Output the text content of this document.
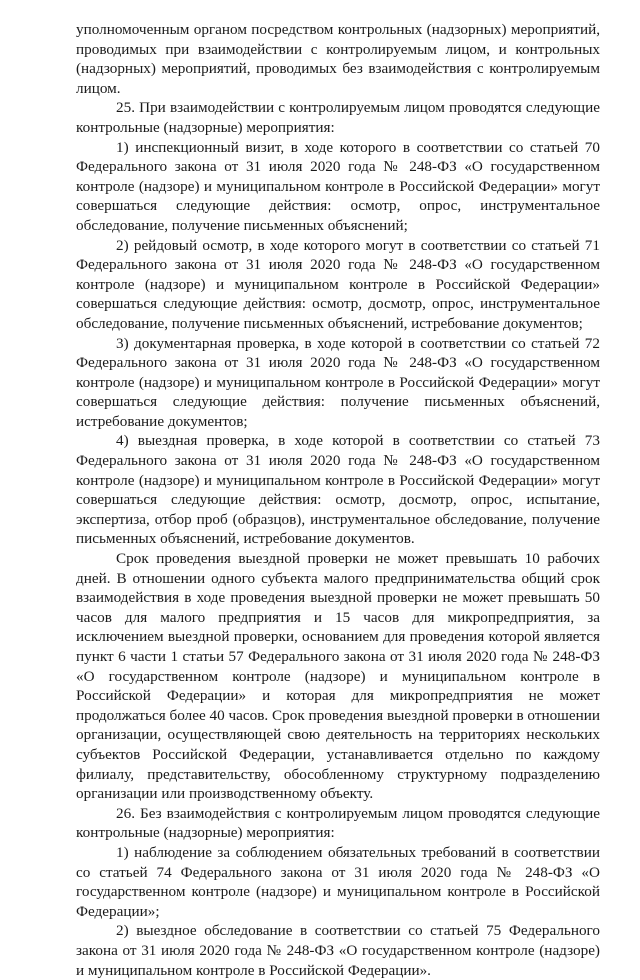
уполномоченным органом посредством контрольных (надзорных) мероприятий, проводимых при взаимодействии с контролируемым лицом, и контрольных (надзорных) мероприятий, проводимых без взаимодействия с контролируемым лицом.

25. При взаимодействии с контролируемым лицом проводятся следующие контрольные (надзорные) мероприятия:

1) инспекционный визит, в ходе которого в соответствии со статьей 70 Федерального закона от 31 июля 2020 года № 248-ФЗ «О государственном контроле (надзоре) и муниципальном контроле в Российской Федерации» могут совершаться следующие действия: осмотр, опрос, инструментальное обследование, получение письменных объяснений;

2) рейдовый осмотр, в ходе которого могут в соответствии со статьей 71 Федерального закона от 31 июля 2020 года № 248-ФЗ «О государственном контроле (надзоре) и муниципальном контроле в Российской Федерации» совершаться следующие действия: осмотр, досмотр, опрос, инструментальное обследование, получение письменных объяснений, истребование документов;

3) документарная проверка, в ходе которой в соответствии со статьей 72 Федерального закона от 31 июля 2020 года № 248-ФЗ «О государственном контроле (надзоре) и муниципальном контроле в Российской Федерации» могут совершаться следующие действия: получение письменных объяснений, истребование документов;

4) выездная проверка, в ходе которой в соответствии со статьей 73 Федерального закона от 31 июля 2020 года № 248-ФЗ «О государственном контроле (надзоре) и муниципальном контроле в Российской Федерации» могут совершаться следующие действия: осмотр, досмотр, опрос, испытание, экспертиза, отбор проб (образцов), инструментальное обследование, получение письменных объяснений, истребование документов.

Срок проведения выездной проверки не может превышать 10 рабочих дней. В отношении одного субъекта малого предпринимательства общий срок взаимодействия в ходе проведения выездной проверки не может превышать 50 часов для малого предприятия и 15 часов для микропредприятия, за исключением выездной проверки, основанием для проведения которой является пункт 6 части 1 статьи 57 Федерального закона от 31 июля 2020 года № 248-ФЗ «О государственном контроле (надзоре) и муниципальном контроле в Российской Федерации» и которая для микропредприятия не может продолжаться более 40 часов. Срок проведения выездной проверки в отношении организации, осуществляющей свою деятельность на территориях нескольких субъектов Российской Федерации, устанавливается отдельно по каждому филиалу, представительству, обособленному структурному подразделению организации или производственному объекту.

26. Без взаимодействия с контролируемым лицом проводятся следующие контрольные (надзорные) мероприятия:

1) наблюдение за соблюдением обязательных требований в соответствии со статьей 74 Федерального закона от 31 июля 2020 года № 248-ФЗ «О государственном контроле (надзоре) и муниципальном контроле в Российской Федерации»;

2) выездное обследование в соответствии со статьей 75 Федерального закона от 31 июля 2020 года № 248-ФЗ «О государственном контроле (надзоре) и муниципальном контроле в Российской Федерации».
